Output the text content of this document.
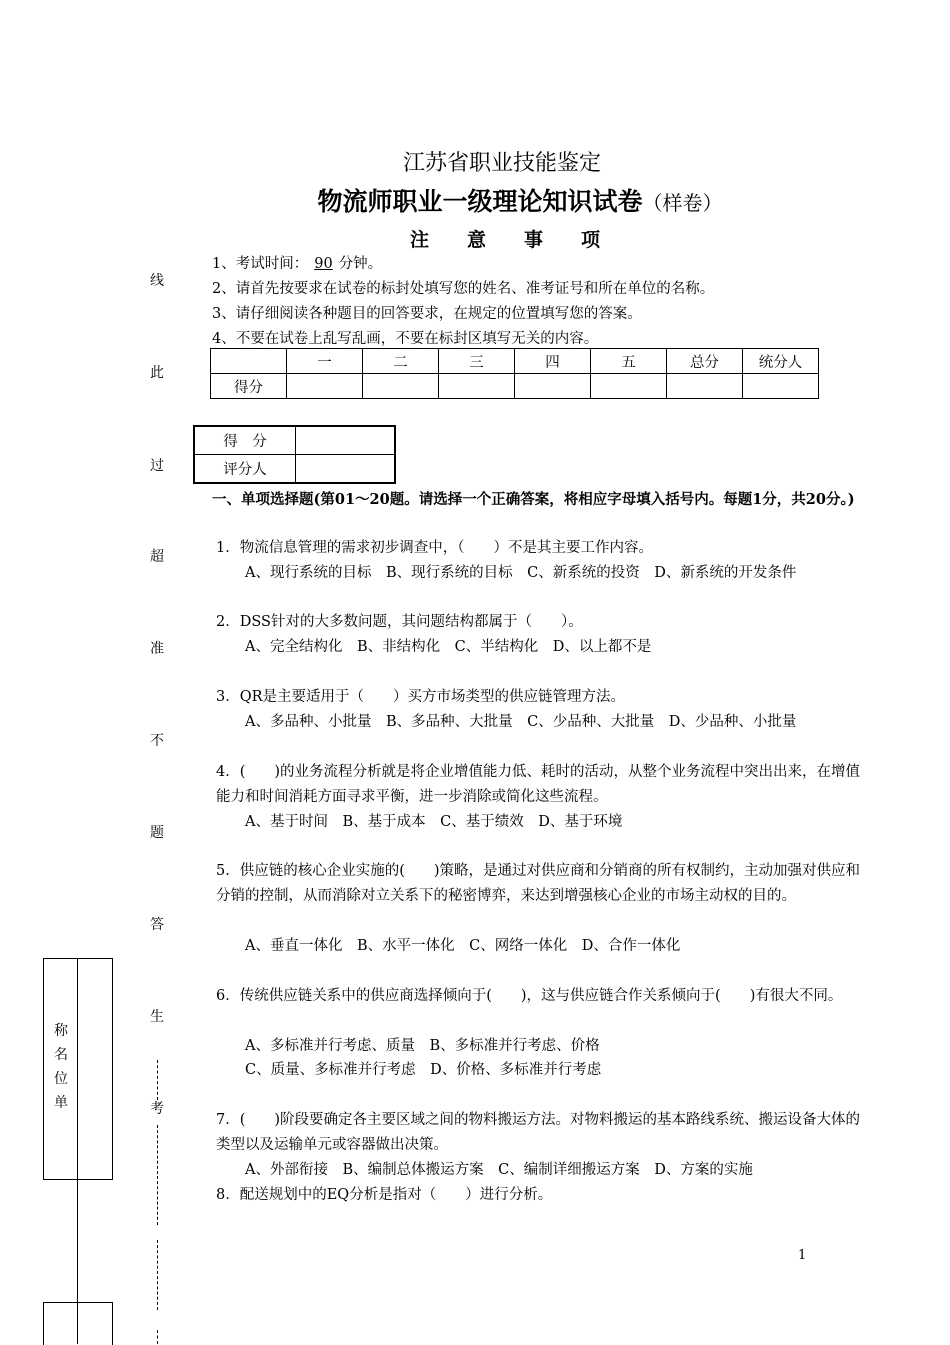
江苏省职业技能鉴定
物流师职业一级理论知识试卷（样卷）
注意事项
1、考试时间： 90 分钟。
2、请首先按要求在试卷的标封处填写您的姓名、准考证号和所在单位的名称。
3、请仔细阅读各种题目的回答要求，在规定的位置填写您的答案。
4、不要在试卷上乱写乱画，不要在标封区填写无关的内容。
	一	二	三	四	五	总分	统分人
得分							
得　分	
评分人	
一、单项选择题(第01～20题。请选择一个正确答案，将相应字母填入括号内。每题1分，共20分。)
1．物流信息管理的需求初步调查中，（　　）不是其主要工作内容。
A、现行系统的目标　B、现行系统的目标　C、新系统的投资　D、新系统的开发条件
2．DSS针对的大多数问题，其问题结构都属于（　　）。
A、完全结构化　B、非结构化　C、半结构化　D、以上都不是
3．QR是主要适用于（　　）买方市场类型的供应链管理方法。
A、多品种、小批量　B、多品种、大批量　C、少品种、大批量　D、少品种、小批量
4．(　　)的业务流程分析就是将企业增值能力低、耗时的活动，从整个业务流程中突出出来，在增值能力和时间消耗方面寻求平衡，进一步消除或简化这些流程。
A、基于时间　B、基于成本　C、基于绩效　D、基于环境
5．供应链的核心企业实施的(　　)策略，是通过对供应商和分销商的所有权制约，主动加强对供应和分销的控制，从而消除对立关系下的秘密博弈，来达到增强核心企业的市场主动权的目的。
A、垂直一体化　B、水平一体化　C、网络一体化　D、合作一体化
6．传统供应链关系中的供应商选择倾向于(　　)，这与供应链合作关系倾向于(　　)有很大不同。
A、多标准并行考虑、质量　B、多标准并行考虑、价格
C、质量、多标准并行考虑　D、价格、多标准并行考虑
7．(　　)阶段要确定各主要区域之间的物料搬运方法。对物料搬运的基本路线系统、搬运设备大体的类型以及运输单元或容器做出决策。
A、外部衔接　B、编制总体搬运方案　C、编制详细搬运方案　D、方案的实施
8．配送规划中的EQ分析是指对（　　）进行分析。
线
此
过
超
准
不
题
答
生
考
称
名
位
单
1
